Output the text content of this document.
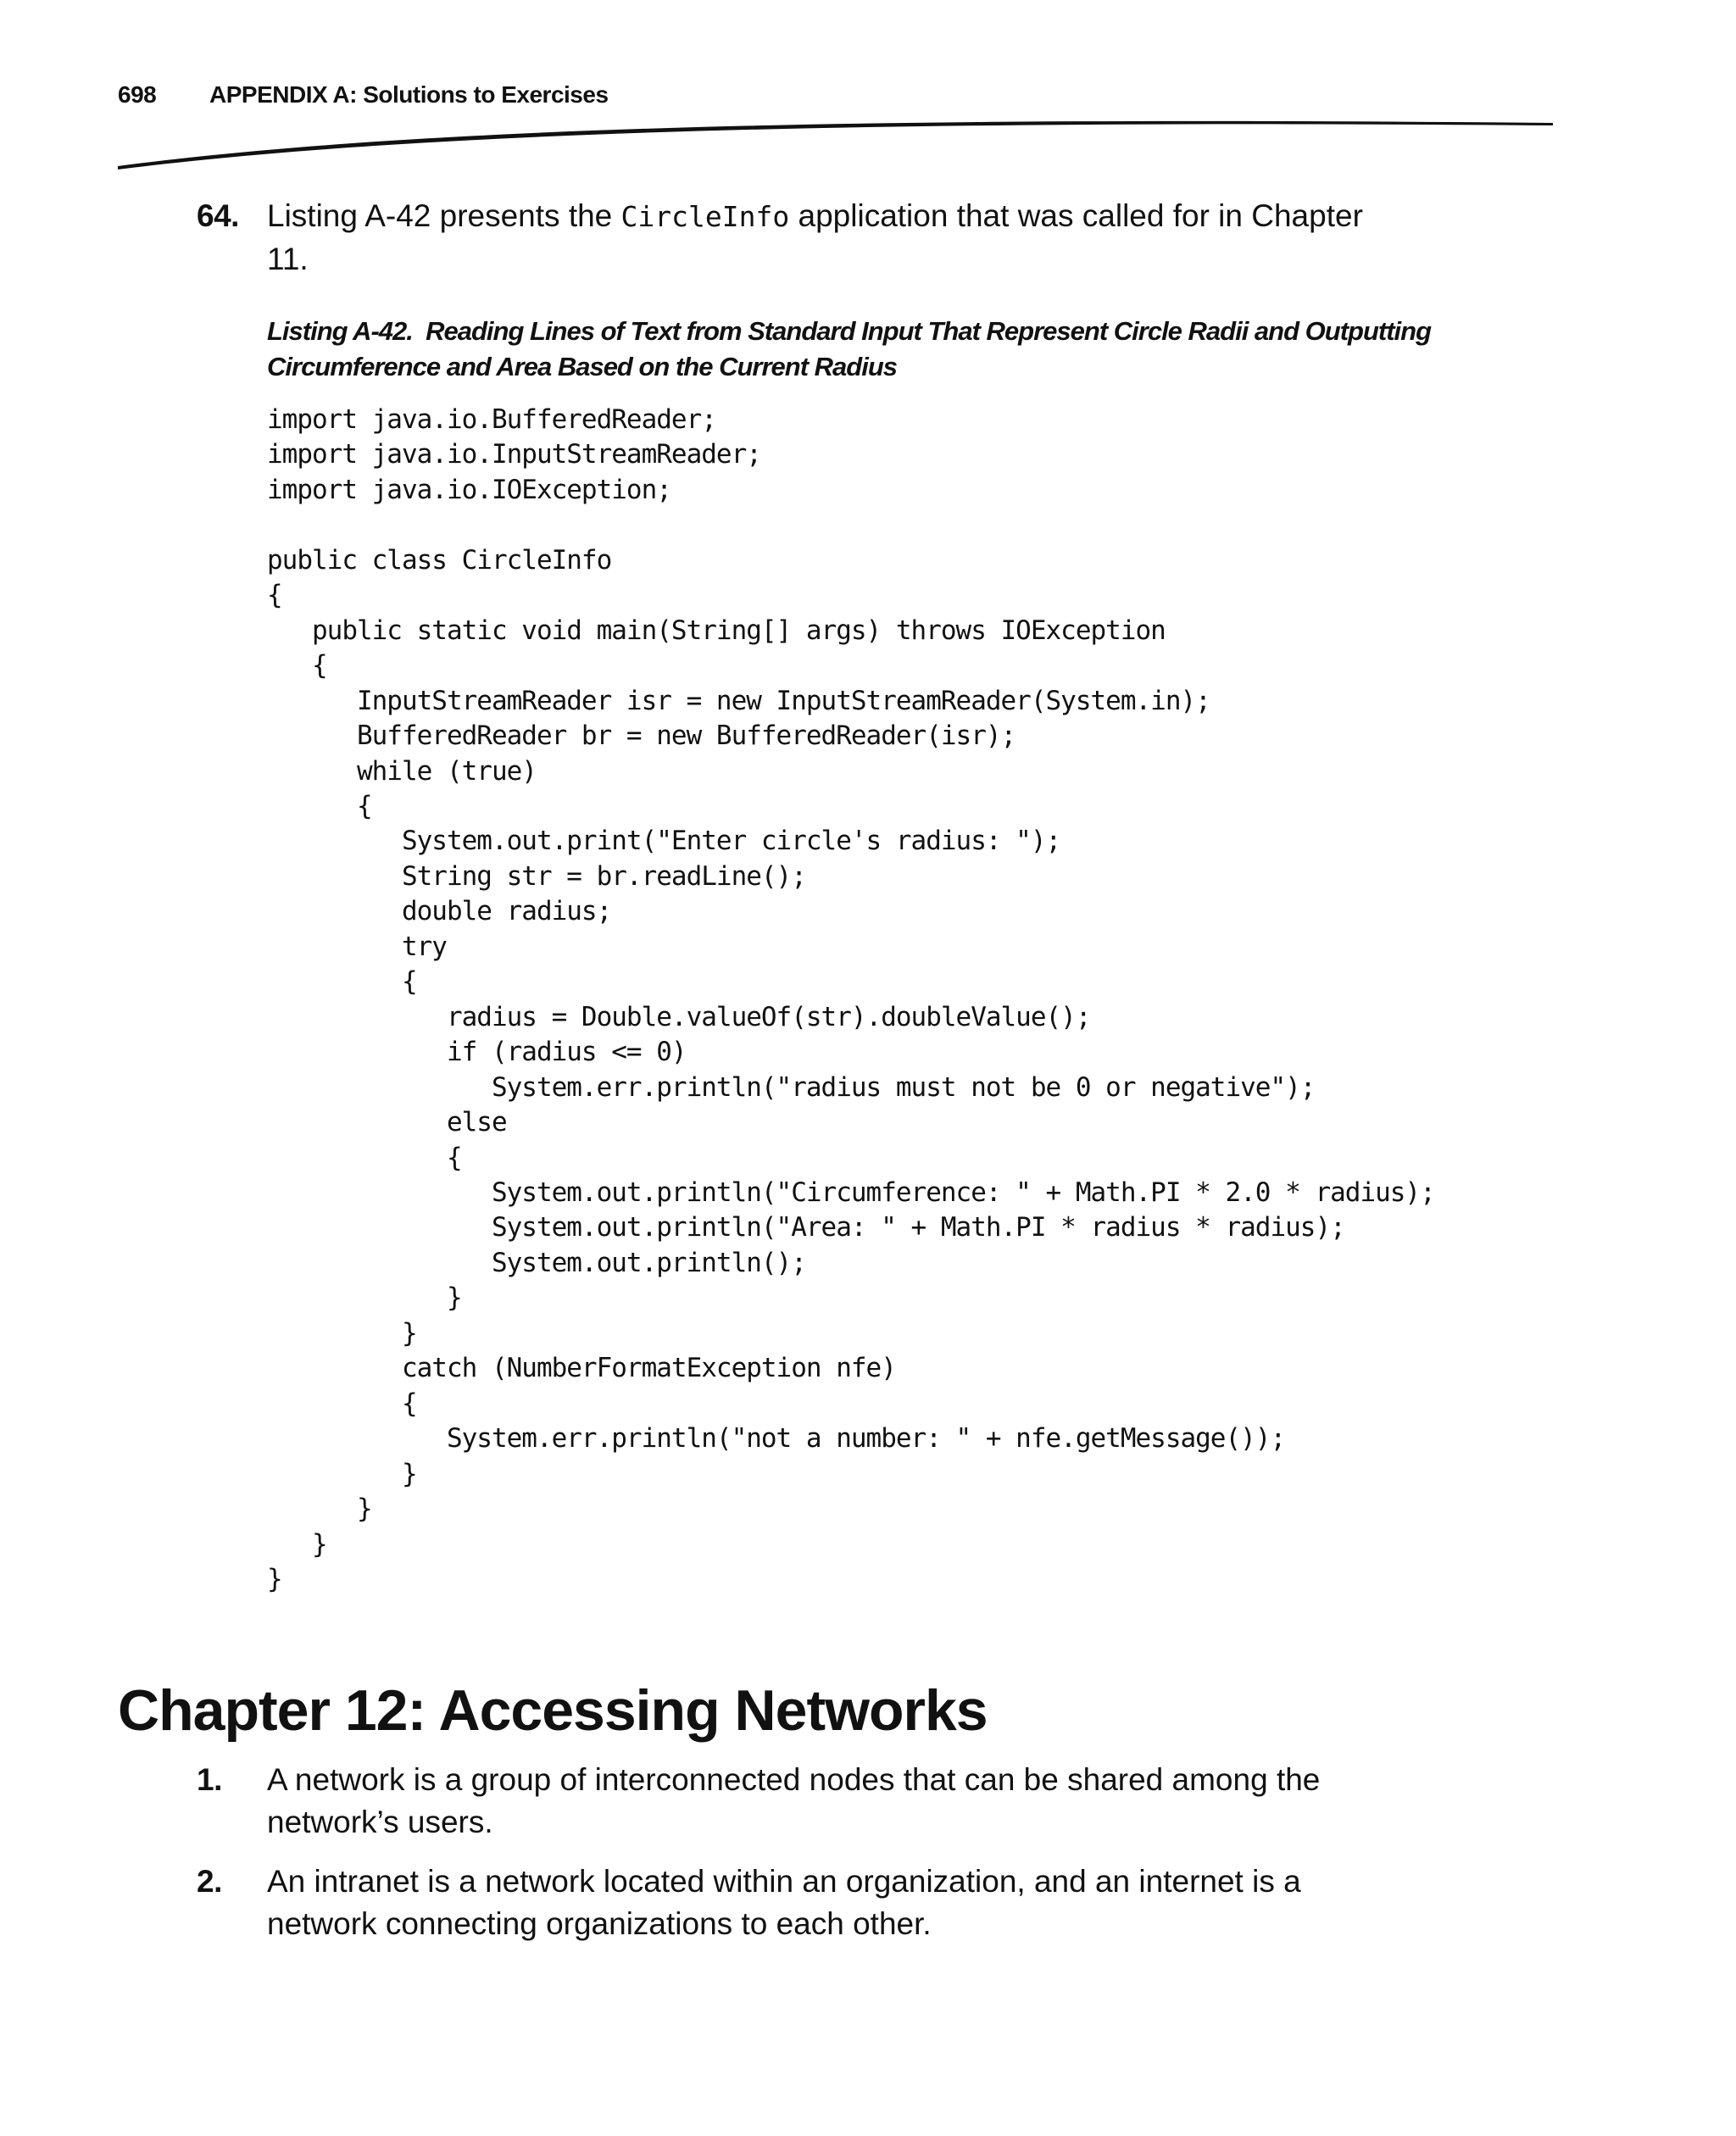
698 APPENDIX A: Solutions to Exercises
64. Listing A-42 presents the CircleInfo application that was called for in Chapter 11.
Listing A-42. Reading Lines of Text from Standard Input That Represent Circle Radii and Outputting Circumference and Area Based on the Current Radius
import java.io.BufferedReader;
import java.io.InputStreamReader;
import java.io.IOException;

public class CircleInfo
{
public static void main(String[] args) throws IOException
{
InputStreamReader isr = new InputStreamReader(System.in);
BufferedReader br = new BufferedReader(isr);
while (true)
{
System.out.print("Enter circle's radius: ");
String str = br.readLine();
double radius;
try
{
radius = Double.valueOf(str).doubleValue();
if (radius <= 0)
System.err.println("radius must not be 0 or negative");
else
{
System.out.println("Circumference: " + Math.PI * 2.0 * radius);
System.out.println("Area: " + Math.PI * radius * radius);
System.out.println();
}
}
catch (NumberFormatException nfe)
{
System.err.println("not a number: " + nfe.getMessage());
}
}
}
}
Chapter 12: Accessing Networks
1. A network is a group of interconnected nodes that can be shared among the network’s users.
2. An intranet is a network located within an organization, and an internet is a network connecting organizations to each other.
